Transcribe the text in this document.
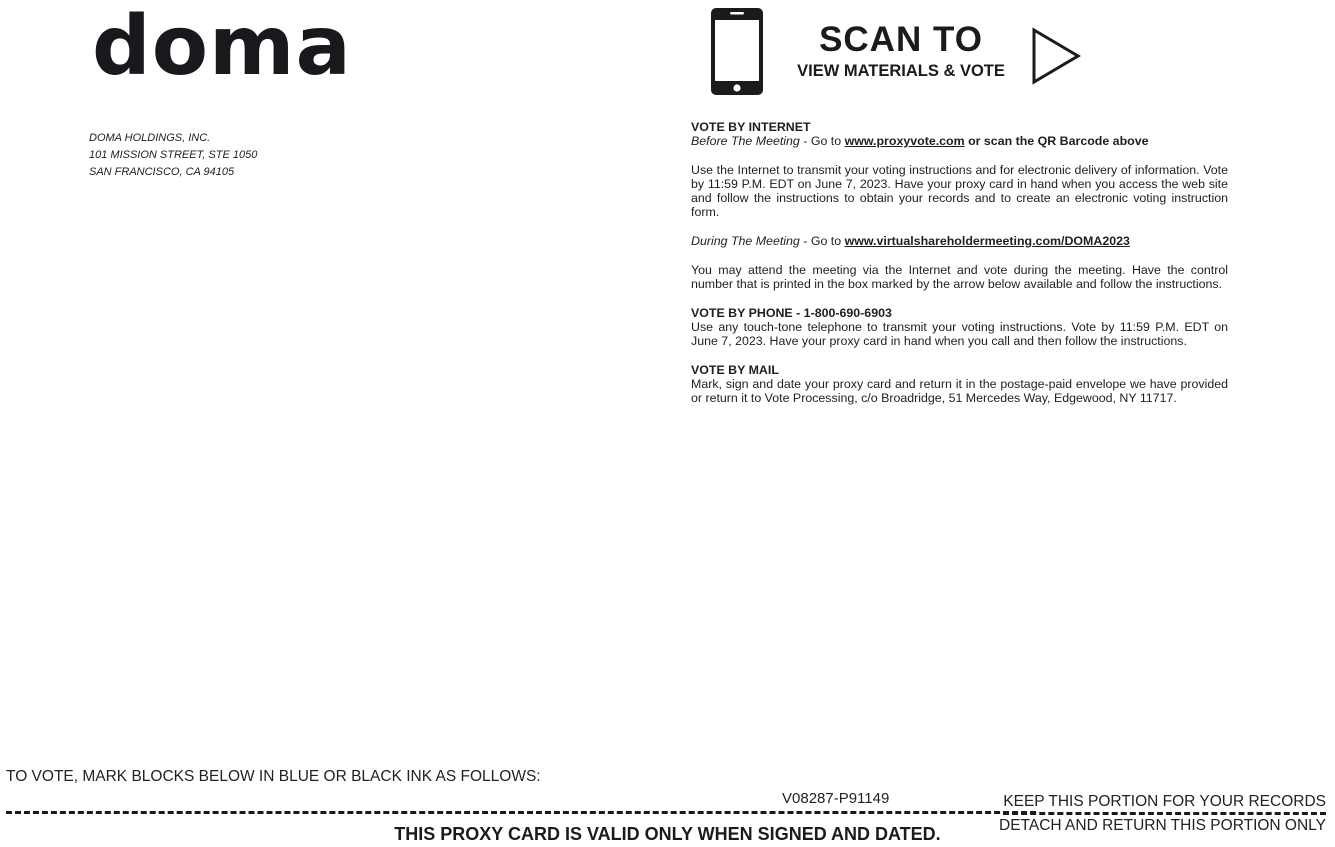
doma
DOMA HOLDINGS, INC.
101 MISSION STREET, STE 1050
SAN FRANCISCO, CA 94105
SCAN TO
VIEW MATERIALS & VOTE

VOTE BY INTERNET

Before The Meeting - Go to www.proxyvote.com or scan the QR Barcode above

Use the Internet to transmit your voting instructions and for electronic delivery of information. Vote by 11:59 P.M. EDT on June 7, 2023. Have your proxy card in hand when you access the web site and follow the instructions to obtain your records and to create an electronic voting instruction form.

During The Meeting - Go to www.virtualshareholdermeeting.com/DOMA2023

You may attend the meeting via the Internet and vote during the meeting. Have the control number that is printed in the box marked by the arrow below available and follow the instructions.

VOTE BY PHONE - 1-800-690-6903

Use any touch-tone telephone to transmit your voting instructions. Vote by 11:59 P.M. EDT on June 7, 2023. Have your proxy card in hand when you call and then follow the instructions.

VOTE BY MAIL

Mark, sign and date your proxy card and return it in the postage-paid envelope we have provided or return it to Vote Processing, c/o Broadridge, 51 Mercedes Way, Edgewood, NY 11717.

TO VOTE, MARK BLOCKS BELOW IN BLUE OR BLACK INK AS FOLLOWS:
V08287-P91149	KEEP THIS PORTION FOR YOUR RECORDS
DETACH AND RETURN THIS PORTION ONLY
THIS PROXY CARD IS VALID ONLY WHEN SIGNED AND DATED.
